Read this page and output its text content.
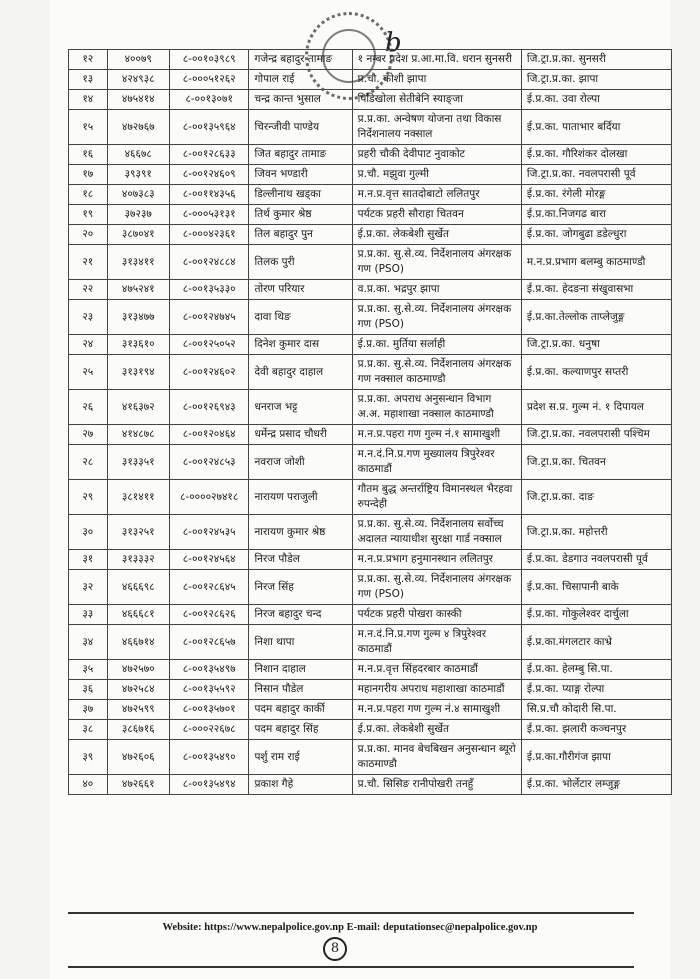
b
१२	४००७९	८-००१०३९८९	गजेन्द्र बहादुर तामाङ	१ नम्बर प्रदेश प्र.आ.मा.वि. धरान सुनसरी	जि.ट्रा.प्र.का. सुनसरी
१३	४२४९३८	८-०००५१२६२	गोपाल राई	प्र.चौ. कोशी झापा	जि.ट्रा.प्र.का. झापा
१४	४७५४१४	८-००१३०७१	चन्द्र कान्त भुसाल	पिडिखोला सेतीबेनि स्याङ्जा	ई.प्र.का. उवा रोल्पा
१५	४७२७६७	८-००१३५९६४	चिरन्जीवी पाण्डेय	प्र.प्र.का. अन्वेषण योजना तथा विकास निर्देशनालय नक्साल	ई.प्र.का. पाताभार बर्दिया
१६	४६६७८	८-००१२८६३३	जित बहादुर तामाङ	प्रहरी चौकी देवीपाट नुवाकोट	ई.प्र.का. गौरिशंकर दोलखा
१७	३९३९१	८-००१२४६०९	जिवन भण्डारी	प्र.चौ. मझुवा गुल्मी	जि.ट्रा.प्र.का. नवलपरासी पूर्व
१८	४०७३८३	८-००११४३५६	डिल्लीनाथ खड्का	म.न.प्र.वृत्त सातदोबाटो ललितपुर	ई.प्र.का. रंगेली मोरङ्ग
१९	३७२३७	८-०००५३१३१	तिर्थ कुमार श्रेष्ठ	पर्यटक प्रहरी सौराहा चितवन	ई.प्र.का.निजगढ बारा
२०	३८७०४१	८-०००४२३६१	तिल बहादुर पुन	ई.प्र.का. लेकबेशी सुर्खेत	ई.प्र.का. जोगबुढा डडेल्धुरा
२१	३१३४११	८-००१२४८८४	तिलक पुरी	प्र.प्र.का. सु.से.व्य. निर्देशनालय अंगरक्षक गण (PSO)	म.न.प्र.प्रभाग बलम्बु काठमाण्डौ
२२	४७५२४१	८-००१३५३३०	तोरण परियार	व.प्र.का. भद्रपुर झापा	ई.प्र.का. हेदङना संखुवासभा
२३	३१३४७७	८-००१२४७४५	दावा थिङ	प्र.प्र.का. सु.से.व्य. निर्देशनालय अंगरक्षक गण (PSO)	ई.प्र.का.तेल्लोक ताप्लेजुङ्ग
२४	३१३६१०	८-००१२५०५२	दिनेश कुमार दास	ई.प्र.का. मुर्तिया सर्लाही	जि.ट्रा.प्र.का. धनुषा
२५	३१३१९४	८-००१२४६०२	देवी बहादुर दाहाल	प्र.प्र.का. सु.से.व्य. निर्देशनालय अंगरक्षक गण नक्साल काठमाण्डौ	ई.प्र.का. कल्याणपुर सप्तरी
२६	४१६३७२	८-००१२६९४३	धनराज भट्ट	प्र.प्र.का. अपराध अनुसन्धान विभाग अ.अ. महाशाखा नक्साल काठमाण्डौ	प्रदेश स.प्र. गुल्म नं. १ दिपायल
२७	४१४८७८	८-००१२०४६४	धर्मेन्द्र प्रसाद चौधरी	म.न.प्र.पहरा गण गुल्म नं.१ सामाखुशी	जि.ट्रा.प्र.का. नवलपरासी पश्चिम
२८	३१३३५१	८-००१२४८५३	नवराज जोशी	म.न.दं.नि.प्र.गण मुख्यालय त्रिपुरेश्वर काठमाडौं	जि.ट्रा.प्र.का. चितवन
२९	३८१४११	८-००००२७४१८	नारायण पराजुली	गौतम बुद्ध अन्तर्राष्ट्रिय विमानस्थल भैरहवा रुपन्देही	जि.ट्रा.प्र.का. दाङ
३०	३१३२५१	८-००१२४५३५	नारायण कुमार श्रेष्ठ	प्र.प्र.का. सु.से.व्य. निर्देशनालय सर्वोच्च अदालत न्यायाधीश सुरक्षा गार्ड नक्साल	जि.ट्रा.प्र.का. महोत्तरी
३१	३१३३३२	८-००१२४५६४	निरज पौडेल	म.न.प्र.प्रभाग हनुमानस्थान ललितपुर	ई.प्र.का. डेडगाउ नवलपरासी पूर्व
३२	४६६६९८	८-००१२८६४५	निरज सिंह	प्र.प्र.का. सु.से.व्य. निर्देशनालय अंगरक्षक गण (PSO)	ई.प्र.का. चिसापानी बाके
३३	४६६६८१	८-००१२८६२६	निरज बहादुर चन्द	पर्यटक प्रहरी पोखरा कास्की	ई.प्र.का. गोकुलेश्वर दार्चुला
३४	४६६७१४	८-००१२८६५७	निशा थापा	म.न.दं.नि.प्र.गण गुल्म ४ त्रिपुरेश्वर काठमाडौं	ई.प्र.का.मंगलटार काभ्रे
३५	४७२५७०	८-००१३५४९७	निशान दाहाल	म.न.प्र.वृत्त सिंहदरबार काठमाडौं	ई.प्र.का. हेलम्बु सि.पा.
३६	४७२५८४	८-००१३५५९२	निसान पौडेल	महानगरीय अपराध महाशाखा काठमाडौं	ई.प्र.का. प्याङ्ग रोल्पा
३७	४७२५९९	८-००१३५७०१	पदम बहादुर कार्की	म.न.प्र.पहरा गण गुल्म नं.४ सामाखुशी	सि.प्र.चौ कोदारी सि.पा.
३८	३८६७१६	८-०००२२६७८	पदम बहादुर सिंह	ई.प्र.का. लेकबेशी सुर्खेत	ई.प्र.का. झलारी कञ्चनपुर
३९	४७२६०६	८-००१३५४९०	पर्शु राम राई	प्र.प्र.का. मानव बेचबिखन अनुसन्धान ब्यूरो काठमाण्डौ	ई.प्र.का.गौरीगंज झापा
४०	४७२६६१	८-००१३५४९४	प्रकाश गैहे	प्र.चौ. सिसिङ रानीपोखरी तनहुँ	ई.प्र.का. भोर्लेटार लम्जुङ्ग
Website: https://www.nepalpolice.gov.np E-mail: deputationsec@nepalpolice.gov.np
8
